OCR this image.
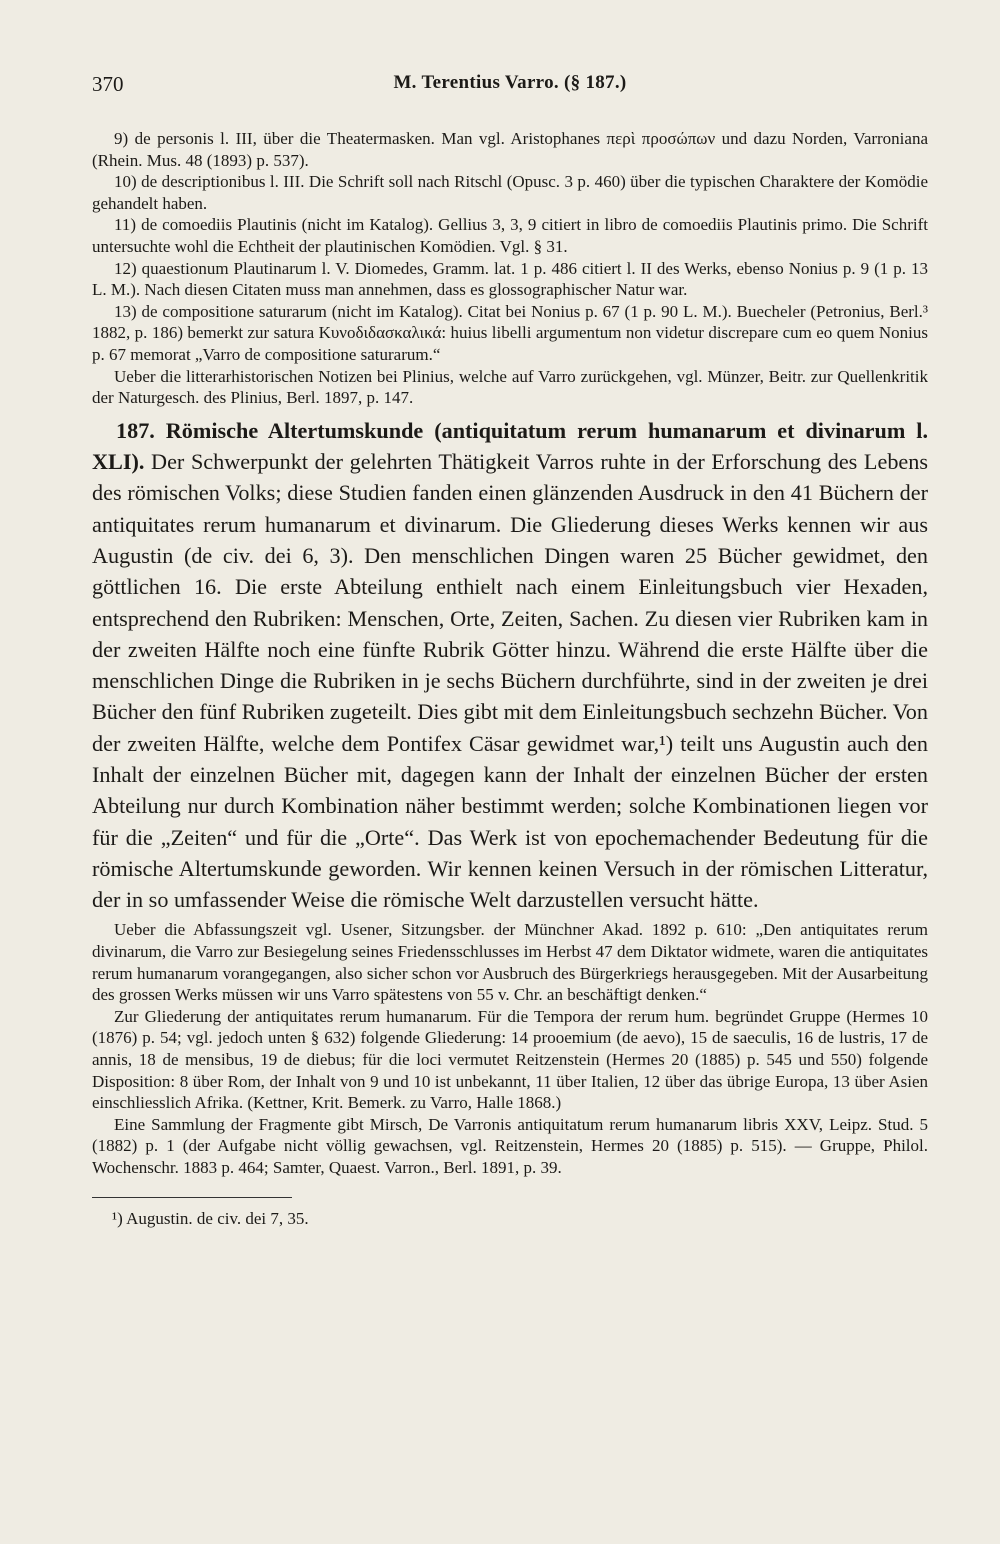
370	M. Terentius Varro. (§ 187.)

9) de personis l. III, über die Theatermasken. Man vgl. Aristophanes περὶ προσώπων und dazu Norden, Varroniana (Rhein. Mus. 48 (1893) p. 537).

10) de descriptionibus l. III. Die Schrift soll nach Ritschl (Opusc. 3 p. 460) über die typischen Charaktere der Komödie gehandelt haben.

11) de comoediis Plautinis (nicht im Katalog). Gellius 3, 3, 9 citiert in libro de comoediis Plautinis primo. Die Schrift untersuchte wohl die Echtheit der plautinischen Komödien. Vgl. § 31.

12) quaestionum Plautinarum l. V. Diomedes, Gramm. lat. 1 p. 486 citiert l. II des Werks, ebenso Nonius p. 9 (1 p. 13 L. M.). Nach diesen Citaten muss man annehmen, dass es glossographischer Natur war.

13) de compositione saturarum (nicht im Katalog). Citat bei Nonius p. 67 (1 p. 90 L. M.). Buecheler (Petronius, Berl.³ 1882, p. 186) bemerkt zur satura Κυνοδιδασκαλικά: huius libelli argumentum non videtur discrepare cum eo quem Nonius p. 67 memorat „Varro de compositione saturarum.“

Ueber die litterarhistorischen Notizen bei Plinius, welche auf Varro zurückgehen, vgl. Münzer, Beitr. zur Quellenkritik der Naturgesch. des Plinius, Berl. 1897, p. 147.

187. Römische Altertumskunde (antiquitatum rerum humanarum et divinarum l. XLI). Der Schwerpunkt der gelehrten Thätigkeit Varros ruhte in der Erforschung des Lebens des römischen Volks; diese Studien fanden einen glänzenden Ausdruck in den 41 Büchern der antiquitates rerum humanarum et divinarum. Die Gliederung dieses Werks kennen wir aus Augustin (de civ. dei 6, 3). Den menschlichen Dingen waren 25 Bücher gewidmet, den göttlichen 16. Die erste Abteilung enthielt nach einem Einleitungsbuch vier Hexaden, entsprechend den Rubriken: Menschen, Orte, Zeiten, Sachen. Zu diesen vier Rubriken kam in der zweiten Hälfte noch eine fünfte Rubrik Götter hinzu. Während die erste Hälfte über die menschlichen Dinge die Rubriken in je sechs Büchern durchführte, sind in der zweiten je drei Bücher den fünf Rubriken zugeteilt. Dies gibt mit dem Einleitungsbuch sechzehn Bücher. Von der zweiten Hälfte, welche dem Pontifex Cäsar gewidmet war,¹) teilt uns Augustin auch den Inhalt der einzelnen Bücher mit, dagegen kann der Inhalt der einzelnen Bücher der ersten Abteilung nur durch Kombination näher bestimmt werden; solche Kombinationen liegen vor für die „Zeiten“ und für die „Orte“. Das Werk ist von epochemachender Bedeutung für die römische Altertumskunde geworden. Wir kennen keinen Versuch in der römischen Litteratur, der in so umfassender Weise die römische Welt darzustellen versucht hätte.

Ueber die Abfassungszeit vgl. Usener, Sitzungsber. der Münchner Akad. 1892 p. 610: „Den antiquitates rerum divinarum, die Varro zur Besiegelung seines Friedensschlusses im Herbst 47 dem Diktator widmete, waren die antiquitates rerum humanarum vorangegangen, also sicher schon vor Ausbruch des Bürgerkriegs herausgegeben. Mit der Ausarbeitung des grossen Werks müssen wir uns Varro spätestens von 55 v. Chr. an beschäftigt denken.“

Zur Gliederung der antiquitates rerum humanarum. Für die Tempora der rerum hum. begründet Gruppe (Hermes 10 (1876) p. 54; vgl. jedoch unten § 632) folgende Gliederung: 14 prooemium (de aevo), 15 de saeculis, 16 de lustris, 17 de annis, 18 de mensibus, 19 de diebus; für die loci vermutet Reitzenstein (Hermes 20 (1885) p. 545 und 550) folgende Disposition: 8 über Rom, der Inhalt von 9 und 10 ist unbekannt, 11 über Italien, 12 über das übrige Europa, 13 über Asien einschliesslich Afrika. (Kettner, Krit. Bemerk. zu Varro, Halle 1868.)

Eine Sammlung der Fragmente gibt Mirsch, De Varronis antiquitatum rerum humanarum libris XXV, Leipz. Stud. 5 (1882) p. 1 (der Aufgabe nicht völlig gewachsen, vgl. Reitzenstein, Hermes 20 (1885) p. 515). — Gruppe, Philol. Wochenschr. 1883 p. 464; Samter, Quaest. Varron., Berl. 1891, p. 39.

¹) Augustin. de civ. dei 7, 35.
